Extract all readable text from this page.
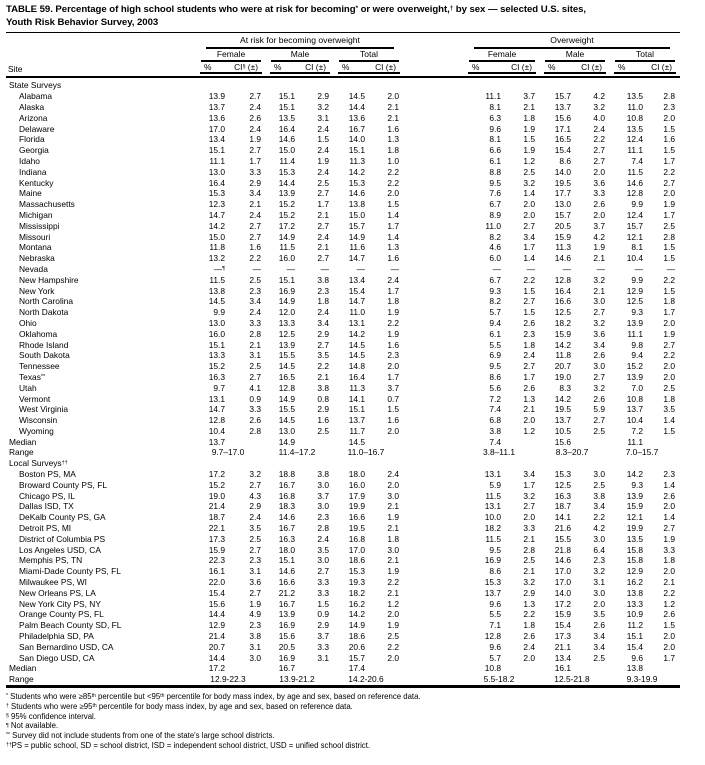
TABLE 59. Percentage of high school students who were at risk for becoming* or were overweight,† by sex — selected U.S. sites,
Youth Risk Behavior Survey, 2003

	At risk for becoming overweight							Overweight					

	Female		Male		Total			Female		Male		Total	

Site	% CI§ (±)		% CI (±)		% CI (±)			% CI (±)		% CI (±)		% CI (±)	

State Surveys													
Alabama	13.9	2.7	15.1	2.9	14.5	2.0		11.1	3.7	15.7	4.2	13.5	2.8
Alaska	13.7	2.4	15.1	3.2	14.4	2.1		8.1	2.1	13.7	3.2	11.0	2.3
Arizona	13.6	2.6	13.5	3.1	13.6	2.1		6.3	1.8	15.6	4.0	10.8	2.0
Delaware	17.0	2.4	16.4	2.4	16.7	1.6		9.6	1.9	17.1	2.4	13.5	1.5
Florida	13.4	1.9	14.6	1.5	14.0	1.3		8.1	1.5	16.5	2.2	12.4	1.6
Georgia	15.1	2.7	15.0	2.4	15.1	1.8		6.6	1.9	15.4	2.7	11.1	1.5
Idaho	11.1	1.7	11.4	1.9	11.3	1.0		6.1	1.2	8.6	2.7	7.4	1.7
Indiana	13.0	3.3	15.3	2.4	14.2	2.2		8.8	2.5	14.0	2.0	11.5	2.2
Kentucky	16.4	2.9	14.4	2.5	15.3	2.2		9.5	3.2	19.5	3.6	14.6	2.7
Maine	15.3	3.4	13.9	2.7	14.6	2.0		7.6	1.4	17.7	3.3	12.8	2.0
Massachusetts	12.3	2.1	15.2	1.7	13.8	1.5		6.7	2.0	13.0	2.6	9.9	1.9
Michigan	14.7	2.4	15.2	2.1	15.0	1.4		8.9	2.0	15.7	2.0	12.4	1.7
Mississippi	14.2	2.7	17.2	2.7	15.7	1.7		11.0	2.7	20.5	3.7	15.7	2.5
Missouri	15.0	2.7	14.9	2.4	14.9	1.4		8.2	3.4	15.9	4.2	12.1	2.8
Montana	11.8	1.6	11.5	2.1	11.6	1.3		4.6	1.7	11.3	1.9	8.1	1.5
Nebraska	13.2	2.2	16.0	2.7	14.7	1.6		6.0	1.4	14.6	2.1	10.4	1.5
Nevada	—¶	—	—	—	—	—		—	—	—	—	—	—
New Hampshire	11.5	2.5	15.1	3.8	13.4	2.4		6.7	2.2	12.8	3.2	9.9	2.2
New York	13.8	2.3	16.9	2.3	15.4	1.7		9.3	1.5	16.4	2.1	12.9	1.5
North Carolina	14.5	3.4	14.9	1.8	14.7	1.8		8.2	2.7	16.6	3.0	12.5	1.8
North Dakota	9.9	2.4	12.0	2.4	11.0	1.9		5.7	1.5	12.5	2.7	9.3	1.7
Ohio	13.0	3.3	13.3	3.4	13.1	2.2		9.4	2.6	18.2	3.2	13.9	2.0
Oklahoma	16.0	2.8	12.5	2.9	14.2	1.9		6.1	2.3	15.9	3.6	11.1	1.9
Rhode Island	15.1	2.1	13.9	2.7	14.5	1.6		5.5	1.8	14.2	3.4	9.8	2.7
South Dakota	13.3	3.1	15.5	3.5	14.5	2.3		6.9	2.4	11.8	2.6	9.4	2.2
Tennessee	15.2	2.5	14.5	2.2	14.8	2.0		9.5	2.7	20.7	3.0	15.2	2.0
Texas**	16.3	2.7	16.5	2.1	16.4	1.7		8.6	1.7	19.0	2.7	13.9	2.0
Utah	9.7	4.1	12.8	3.8	11.3	3.7		5.6	2.6	8.3	3.2	7.0	2.5
Vermont	13.1	0.9	14.9	0.8	14.1	0.7		7.2	1.3	14.2	2.6	10.8	1.8
West Virginia	14.7	3.3	15.5	2.9	15.1	1.5		7.4	2.1	19.5	5.9	13.7	3.5
Wisconsin	12.8	2.6	14.5	1.6	13.7	1.6		6.8	2.0	13.7	2.7	10.4	1.4
Wyoming	10.4	2.8	13.0	2.5	11.7	2.0		3.8	1.2	10.5	2.5	7.2	1.5
Median	13.7		14.9		14.5			7.4		15.6		11.1	
Range	9.7–17.0		11.4–17.2		11.0–16.7			3.8–11.1		8.3–20.7		7.0–15.7	
Local Surveys††
Boston PS, MA	17.2	3.2	18.8	3.8	18.0	2.4		13.1	3.4	15.3	3.0	14.2	2.3
Broward County PS, FL	15.2	2.7	16.7	3.0	16.0	2.0		5.9	1.7	12.5	2.5	9.3	1.4
Chicago PS, IL	19.0	4.3	16.8	3.7	17.9	3.0		11.5	3.2	16.3	3.8	13.9	2.6
Dallas ISD, TX	21.4	2.9	18.3	3.0	19.9	2.1		13.1	2.7	18.7	3.4	15.9	2.0
DeKalb County PS, GA	18.7	2.4	14.6	2.3	16.6	1.9		10.0	2.0	14.1	2.2	12.1	1.4
Detroit PS, MI	22.1	3.5	16.7	2.8	19.5	2.1		18.2	3.3	21.6	4.2	19.9	2.7
District of Columbia PS	17.3	2.5	16.3	2.4	16.8	1.8		11.5	2.1	15.5	3.0	13.5	1.9
Los Angeles USD, CA	15.9	2.7	18.0	3.5	17.0	3.0		9.5	2.8	21.8	6.4	15.8	3.3
Memphis PS, TN	22.3	2.3	15.1	3.0	18.6	2.1		16.9	2.5	14.6	2.3	15.8	1.8
Miami-Dade County PS, FL	16.1	3.1	14.6	2.7	15.3	1.9		8.6	2.1	17.0	3.2	12.9	2.0
Milwaukee PS, WI	22.0	3.6	16.6	3.3	19.3	2.2		15.3	3.2	17.0	3.1	16.2	2.1
New Orleans PS, LA	15.4	2.7	21.2	3.3	18.2	2.1		13.7	2.9	14.0	3.0	13.8	2.2
New York City PS, NY	15.6	1.9	16.7	1.5	16.2	1.2		9.6	1.3	17.2	2.0	13.3	1.2
Orange County PS, FL	14.4	4.9	13.9	0.9	14.2	2.0		5.5	2.2	15.9	3.5	10.9	2.6
Palm Beach County SD, FL	12.9	2.3	16.9	2.9	14.9	1.9		7.1	1.8	15.4	2.6	11.2	1.5
Philadelphia SD, PA	21.4	3.8	15.6	3.7	18.6	2.5		12.8	2.6	17.3	3.4	15.1	2.0
San Bernardino USD, CA	20.7	3.1	20.5	3.3	20.6	2.2		9.6	2.4	21.1	3.4	15.4	2.0
San Diego USD, CA	14.4	3.0	16.9	3.1	15.7	2.0		5.7	2.0	13.4	2.5	9.6	1.7
Median	17.2		16.7		17.4			10.8		16.1		13.8	
Range	12.9-22.3		13.9-21.2		14.2-20.6			5.5-18.2		12.5-21.8		9.3-19.9	
* Students who were ≥85th percentile but <95th percentile for body mass index, by age and sex, based on reference data.
† Students who were ≥95th percentile for body mass index, by age and sex, based on reference data.
§ 95% confidence interval.
¶ Not available.
** Survey did not include students from one of the state's large school districts.
††PS = public school, SD = school district, ISD = independent school district, USD = unified school district.
